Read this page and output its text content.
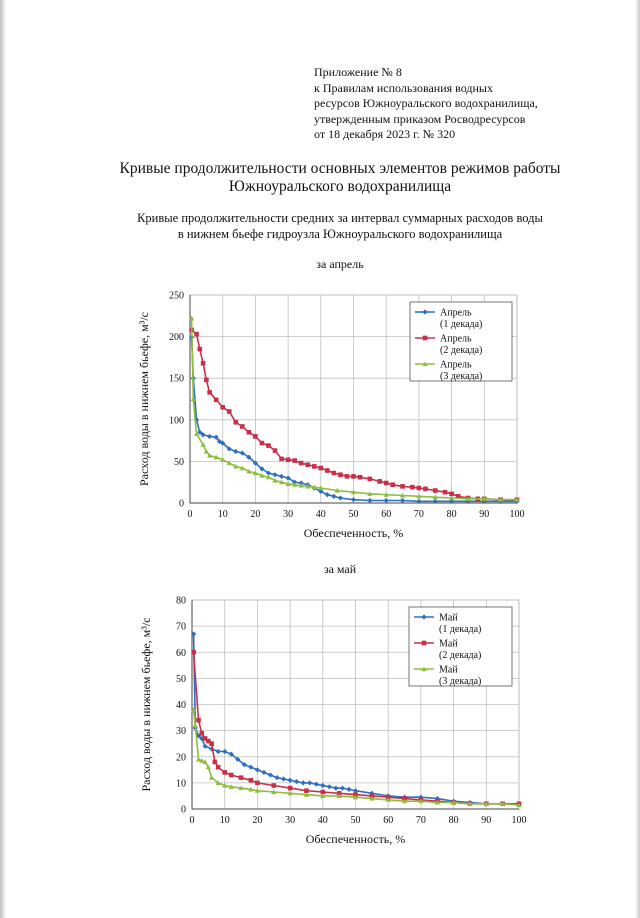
Приложение № 8
к Правилам использования водных
ресурсов Южноуральского водохранилища,
утвержденным приказом Росводресурсов
от 18 декабря 2023 г. № 320
Кривые продолжительности основных элементов режимов работы
Южноуральского водохранилища
Кривые продолжительности средних за интервал суммарных расходов воды
в нижнем бьефе гидроузла Южноуральского водохранилища
за апрель
0	10 20 30 40 50 60 70 80 90 100
0
50
100
150
200
250
Обеспеченность, %
Расход воды в нижнем бьефе, м³/с	Апрель
(1 декада)
Апрель
(2 декада)
Апрель
(3 декада)
за май
0	10 20 30 40 50 60 70 80 90 100
0
10
20
30
40
50
60
70
80
Обеспеченность, %
Расход воды в нижнем бьефе, м³/с	Май
(1 декада)
Май
(2 декада)
Май
(3 декада)
